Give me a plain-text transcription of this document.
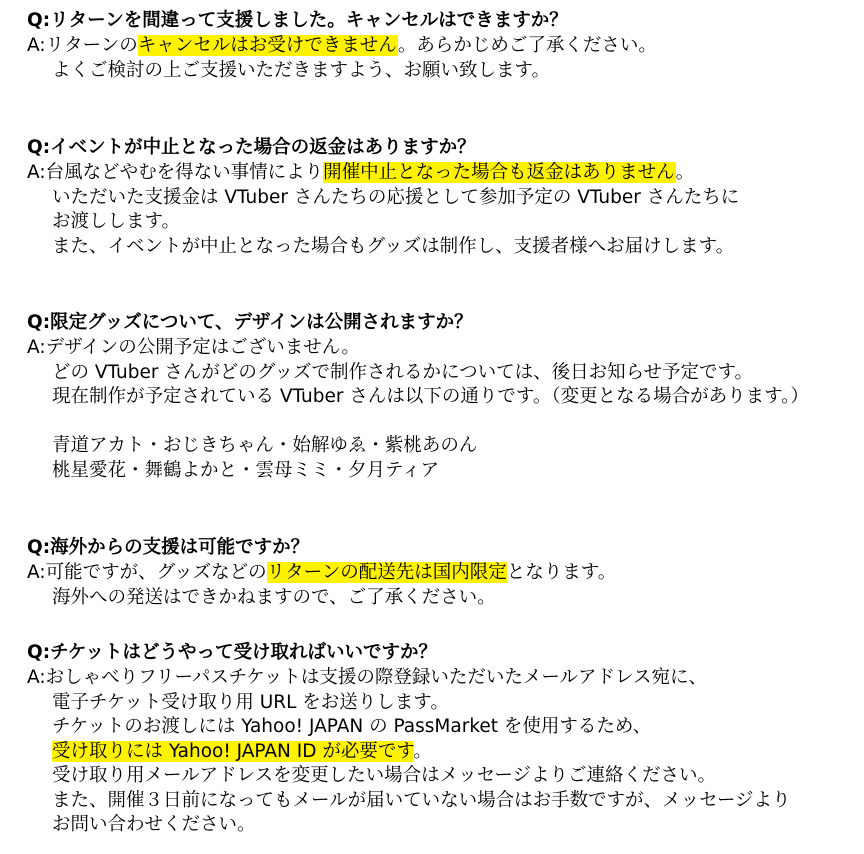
Q:リターンを間違って支援しました。キャンセルはできますか？
A:リターンのキャンセルはお受けできません。あらかじめご了承ください。
よくご検討の上ご支援いただきますよう、お願い致します。
Q:イベントが中止となった場合の返金はありますか？
A:台風などやむを得ない事情により開催中止となった場合も返金はありません。
いただいた支援金は VTuber さんたちの応援として参加予定の VTuber さんたちに
お渡しします。
また、イベントが中止となった場合もグッズは制作し、支援者様へお届けします。
Q:限定グッズについて、デザインは公開されますか？
A:デザインの公開予定はございません。
どの VTuber さんがどのグッズで制作されるかについては、後日お知らせ予定です。
現在制作が予定されている VTuber さんは以下の通りです。（変更となる場合があります。）
青道アカト・おじきちゃん・始解ゆゑ・紫桃あのん
桃星愛花・舞鶴よかと・雲母ミミ・夕月ティア
Q:海外からの支援は可能ですか？
A:可能ですが、グッズなどのリターンの配送先は国内限定となります。
海外への発送はできかねますので、ご了承ください。
Q:チケットはどうやって受け取ればいいですか？
A:おしゃべりフリーパスチケットは支援の際登録いただいたメールアドレス宛に、
電子チケット受け取り用 URL をお送りします。
チケットのお渡しには Yahoo! JAPAN の PassMarket を使用するため、
受け取りには Yahoo! JAPAN ID が必要です。
受け取り用メールアドレスを変更したい場合はメッセージよりご連絡ください。
また、開催３日前になってもメールが届いていない場合はお手数ですが、メッセージより
お問い合わせください。
